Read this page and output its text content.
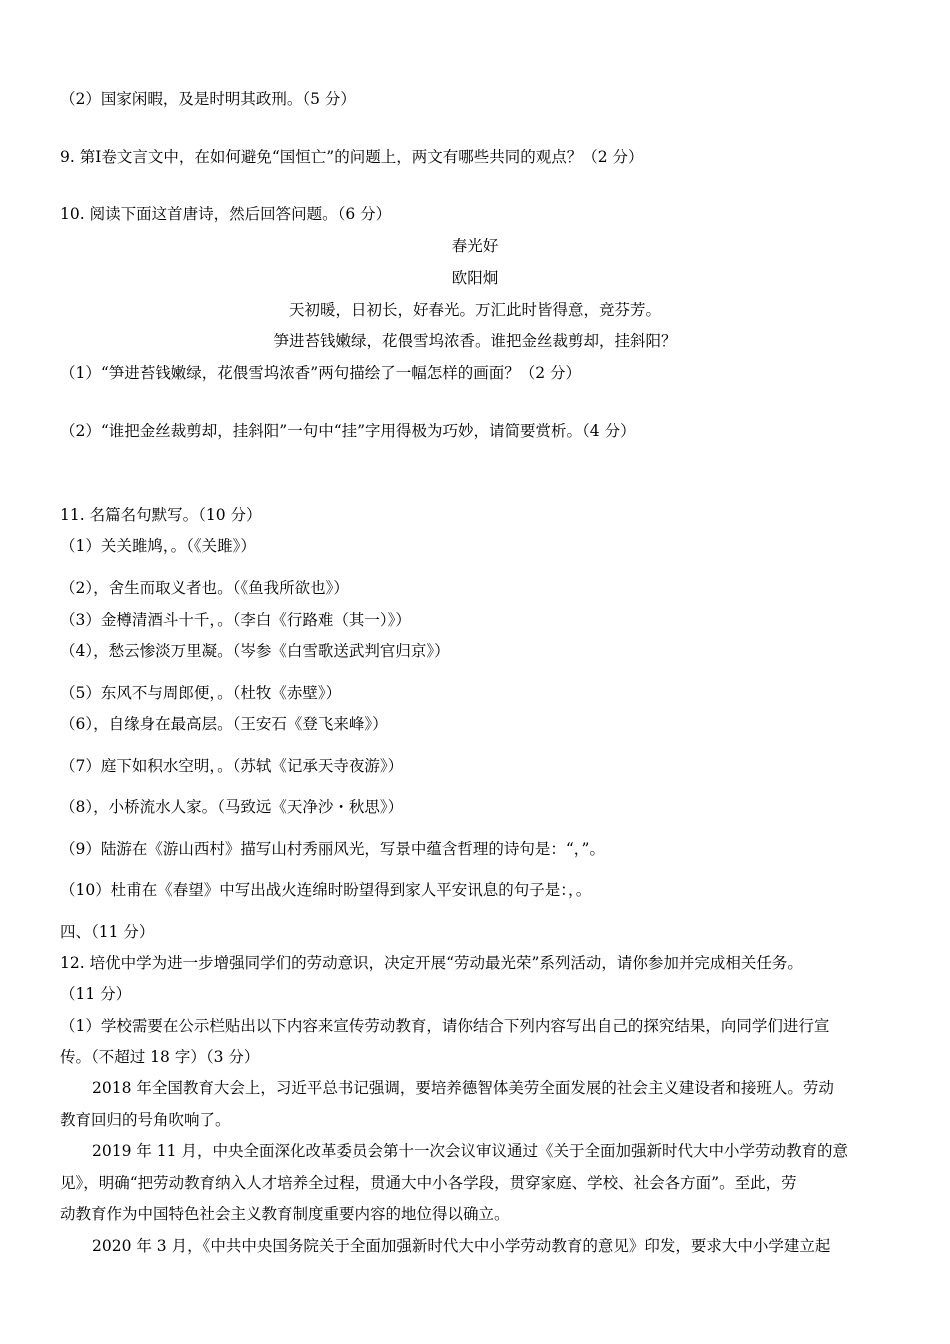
（2）国家闲暇，及是时明其政刑。（5 分）
9. 第Ⅰ卷文言文中，在如何避免“国恒亡”的问题上，两文有哪些共同的观点？（2 分）
10. 阅读下面这首唐诗，然后回答问题。（6 分）
春光好
欧阳炯
天初暖，日初长，好春光。万汇此时皆得意，竞芬芳。
笋进苔钱嫩绿，花偎雪坞浓香。谁把金丝裁剪却，挂斜阳？
（1）“笋进苔钱嫩绿，花偎雪坞浓香”两句描绘了一幅怎样的画面？（2 分）
（2）“谁把金丝裁剪却，挂斜阳”一句中“挂”字用得极为巧妙，请简要赏析。（4 分）
11. 名篇名句默写。（10 分）
（1）关关雎鸠，。（《关雎》）
（2），舍生而取义者也。（《鱼我所欲也》）
（3）金樽清酒斗十千，。（李白《行路难（其一）》）
（4），愁云惨淡万里凝。（岑参《白雪歌送武判官归京》）
（5）东风不与周郎便，。（杜牧《赤壁》）
（6），自缘身在最高层。（王安石《登飞来峰》）
（7）庭下如积水空明，。（苏轼《记承天寺夜游》）
（8），小桥流水人家。（马致远《天净沙・秋思》）
（9）陆游在《游山西村》描写山村秀丽风光，写景中蕴含哲理的诗句是：“，”。
（10）杜甫在《春望》中写出战火连绵时盼望得到家人平安讯息的句子是：，。
四、（11 分）
12. 培优中学为进一步增强同学们的劳动意识，决定开展“劳动最光荣”系列活动，请你参加并完成相关任务。
（11 分）
（1）学校需要在公示栏贴出以下内容来宣传劳动教育，请你结合下列内容写出自己的探究结果，向同学们进行宣
传。（不超过 18 字）（3 分）
2018 年全国教育大会上，习近平总书记强调，要培养德智体美劳全面发展的社会主义建设者和接班人。劳动
教育回归的号角吹响了。
2019 年 11 月，中央全面深化改革委员会第十一次会议审议通过《关于全面加强新时代大中小学劳动教育的意
见》，明确“把劳动教育纳入人才培养全过程，贯通大中小各学段，贯穿家庭、学校、社会各方面”。至此，劳
动教育作为中国特色社会主义教育制度重要内容的地位得以确立。
2020 年 3 月，《中共中央国务院关于全面加强新时代大中小学劳动教育的意见》印发，要求大中小学建立起
